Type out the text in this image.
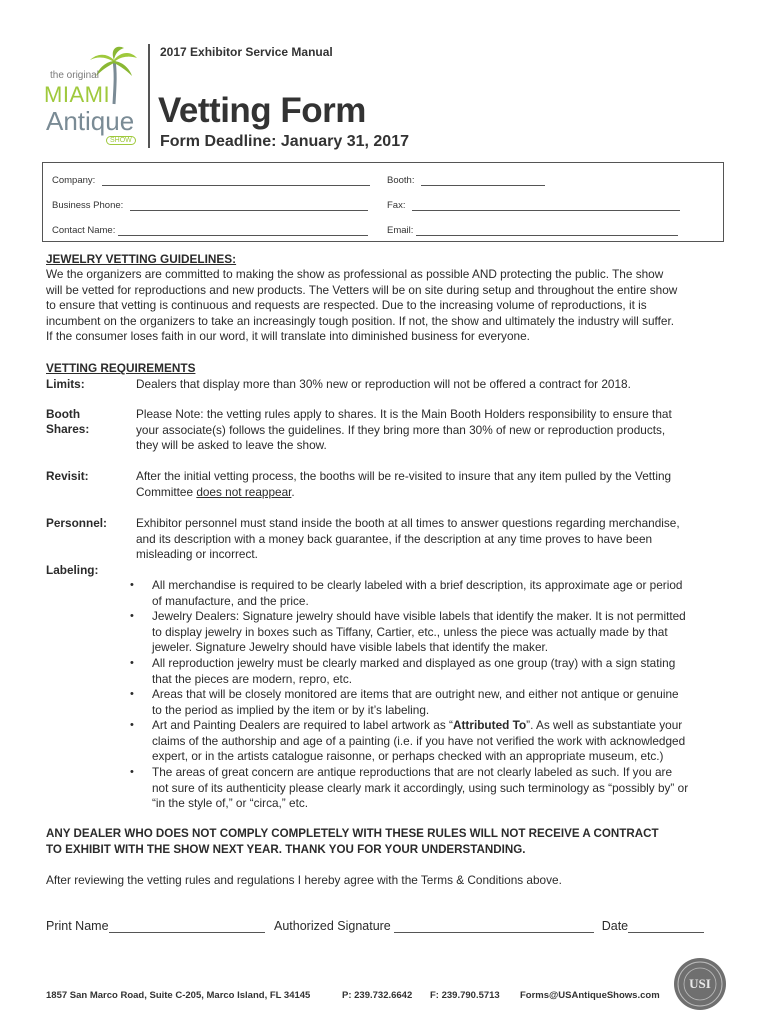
the original
MIAMI
Antique
SHOW
2017 Exhibitor Service Manual
Vetting Form
Form Deadline: January 31, 2017
Company:	Booth:
Business Phone:	Fax:
Contact Name:	Email:
JEWELRY VETTING GUIDELINES:
We the organizers are committed to making the show as professional as possible AND protecting the public. The show
will be vetted for reproductions and new products. The Vetters will be on site during setup and throughout the entire show
to ensure that vetting is continuous and requests are respected. Due to the increasing volume of reproductions, it is
incumbent on the organizers to take an increasingly tough position. If not, the show and ultimately the industry will suffer.
If the consumer loses faith in our word, it will translate into diminished business for everyone.
VETTING REQUIREMENTS
Limits:	Dealers that display more than 30% new or reproduction will not be offered a contract for 2018.
Booth
Shares:
Please Note: the vetting rules apply to shares. It is the Main Booth Holders responsibility to ensure that
your associate(s) follows the guidelines. If they bring more than 30% of new or reproduction products,
they will be asked to leave the show.
Revisit:	After the initial vetting process, the booths will be re-visited to insure that any item pulled by the Vetting
Committee does not reappear.
Personnel: Exhibitor personnel must stand inside the booth at all times to answer questions regarding merchandise,
and its description with a money back guarantee, if the description at any time proves to have been
misleading or incorrect.
Labeling:
• All merchandise is required to be clearly labeled with a brief description, its approximate age or period
of manufacture, and the price.
• Jewelry Dealers: Signature jewelry should have visible labels that identify the maker. It is not permitted
to display jewelry in boxes such as Tiffany, Cartier, etc., unless the piece was actually made by that
jeweler. Signature Jewelry should have visible labels that identify the maker.
• All reproduction jewelry must be clearly marked and displayed as one group (tray) with a sign stating
that the pieces are modern, repro, etc.
• Areas that will be closely monitored are items that are outright new, and either not antique or genuine
to the period as implied by the item or by it’s labeling.
• Art and Painting Dealers are required to label artwork as “Attributed To”. As well as substantiate your
claims of the authorship and age of a painting (i.e. if you have not verified the work with acknowledged
expert, or in the artists catalogue raisonne, or perhaps checked with an appropriate museum, etc.)
• The areas of great concern are antique reproductions that are not clearly labeled as such. If you are
not sure of its authenticity please clearly mark it accordingly, using such terminology as “possibly by” or
“in the style of,” or “circa,” etc.
ANY DEALER WHO DOES NOT COMPLY COMPLETELY WITH THESE RULES WILL NOT RECEIVE A CONTRACT
TO EXHIBIT WITH THE SHOW NEXT YEAR. THANK YOU FOR YOUR UNDERSTANDING.
After reviewing the vetting rules and regulations I hereby agree with the Terms & Conditions above.
Print Name	Authorized Signature	Date
1857 San Marco Road, Suite C-205, Marco Island, FL 34145	P: 239.732.6642 F: 239.790.5713 Forms@USAntiqueShows.com
USI
